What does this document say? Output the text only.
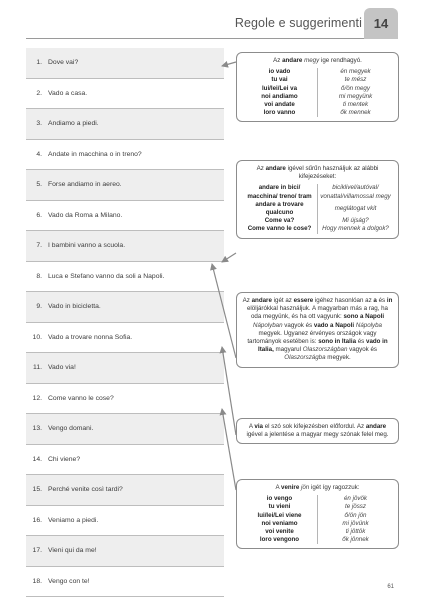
Regole e suggerimenti 14
1. Dove vai?
2. Vado a casa.
3. Andiamo a piedi.
4. Andate in macchina o in treno?
5. Forse andiamo in aereo.
6. Vado da Roma a Milano.
7. I bambini vanno a scuola.
8. Luca e Stefano vanno da soli a Napoli.
9. Vado in bicicletta.
10. Vado a trovare nonna Sofia.
11. Vado via!
12. Come vanno le cose?
13. Vengo domani.
14. Chi viene?
15. Perché venite così tardi?
16. Veniamo a piedi.
17. Vieni qui da me!
18. Vengo con te!
Az andare megy ige rendhagyó.
io vado	én megyek
tu vai	te mész
lui/lei/Lei va	ő/ön megy
noi andiamo	mi megyünk
voi andate	ti mentek
loro vanno	ők mennek
Az andare igével sűrűn használjuk az alábbi kifejezéseket:
andare in bici/ macchina/ treno/ tram	biciklivel/autóval/ vonattal/villamossal megy
andare a trovare qualcuno	meglátogat vkit
Come va?	Mi újság?
Come vanno le cose?	Hogy mennek a dolgok?
Az andare igét az essere igéhez hasonlóan az a és in elöljárókkal használjuk. A magyarban más a rag, ha oda megyünk, és ha ott vagyunk: sono a Napoli Nápolyban vagyok és vado a Napoli Nápolyba megyek. Ugyanez érvényes országok vagy tartományok esetében is: sono in Italia és vado in Italia, magyarul Olaszországban vagyok és Olaszországba megyek.
A via el szó sok kifejezésben előfordul. Az andare igével a jelentése a magyar megy szónak felel meg.
A venire jön igét így ragozzuk:
io vengo	én jövök
tu vieni	te jössz
lui/lei/Lei viene	ő/ön jön
noi veniamo	mi jövünk
voi venite	ti jöttök
loro vengono	ők jönnek
61
